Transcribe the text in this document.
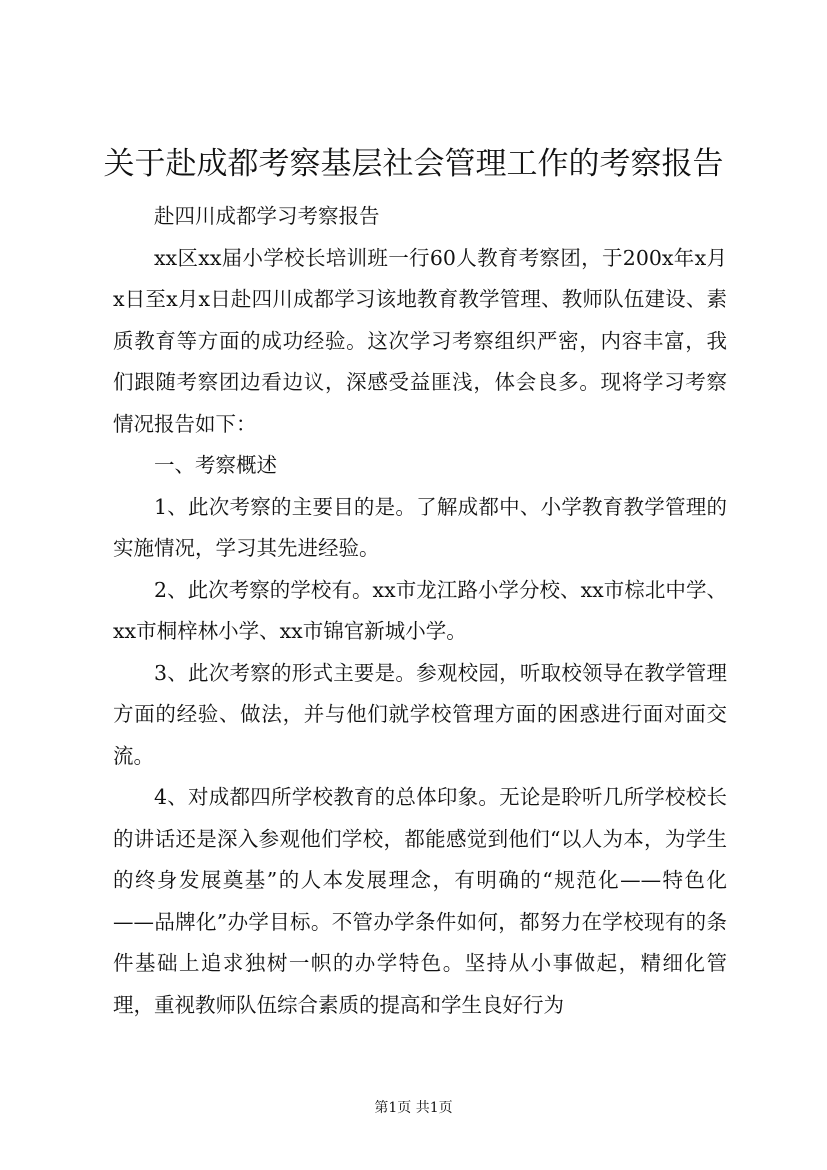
关于赴成都考察基层社会管理工作的考察报告

赴四川成都学习考察报告

xx区xx届小学校长培训班一行60人教育考察团，于200x年x月x日至x月x日赴四川成都学习该地教育教学管理、教师队伍建设、素质教育等方面的成功经验。这次学习考察组织严密，内容丰富，我们跟随考察团边看边议，深感受益匪浅，体会良多。现将学习考察情况报告如下：

一、考察概述

1、此次考察的主要目的是。了解成都中、小学教育教学管理的实施情况，学习其先进经验。

2、此次考察的学校有。xx市龙江路小学分校、xx市棕北中学、xx市桐梓林小学、xx市锦官新城小学。

3、此次考察的形式主要是。参观校园，听取校领导在教学管理方面的经验、做法，并与他们就学校管理方面的困惑进行面对面交流。

4、对成都四所学校教育的总体印象。无论是聆听几所学校校长的讲话还是深入参观他们学校，都能感觉到他们“以人为本，为学生的终身发展奠基”的人本发展理念，有明确的“规范化——特色化——品牌化”办学目标。不管办学条件如何，都努力在学校现有的条件基础上追求独树一帜的办学特色。坚持从小事做起，精细化管理，重视教师队伍综合素质的提高和学生良好行为

第1页 共1页
